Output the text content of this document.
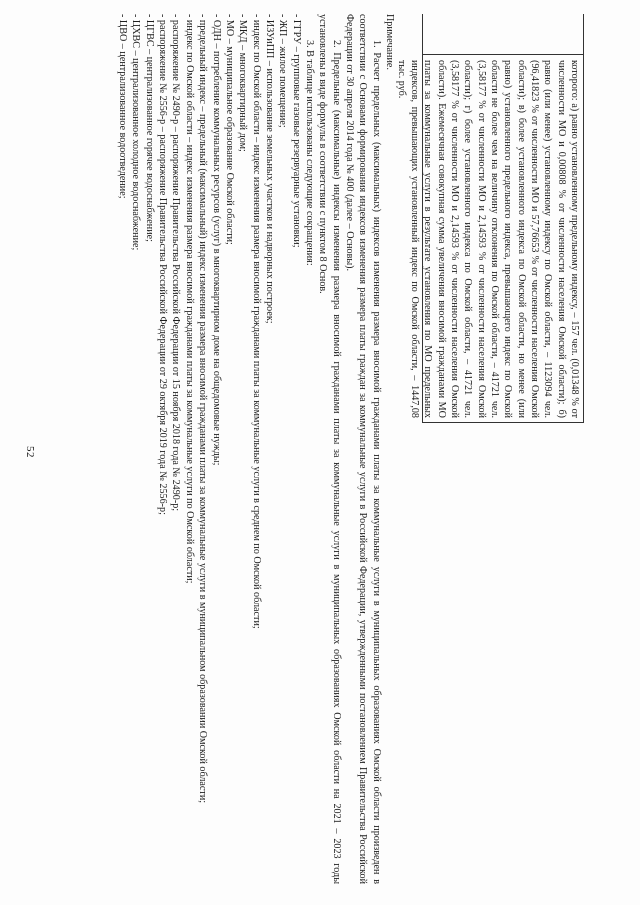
52
которого: а) равно установленному предельному индексу, – 157 чел. (0,01348 % от численности МО и 0,00808 % от численности населения Омской области); б) равно (или менее) установленному индексу по Омской области, – 1123094 чел. (96,41823 % от численности МО и 57,76653 % от численности населения Омской области); в) более установленного индекса по Омской области, но менее (или равно) установленного предельного индекса, превышающего индекс по Омской области не более чем на величину отклонения по Омской области, – 41721 чел. (3,58177 % от численности МО и 2,14593 % от численности населения Омской области); г) более установленного индекса по Омской области, – 41721 чел. (3,58177 % от численности МО и 2,14593 % от численности населения Омской области). Ежемесячная совокупная сумма увеличения вносимой гражданами МО платы за коммунальные услуги в результате установления по МО предельных индексов, превышающих установленный индекс по Омской области, – 1447,08 тыс. руб.

Примечание.

1. Расчет предельных (максимальных) индексов изменения размера вносимой гражданами платы за коммунальные услуги в муниципальных образованиях Омской области произведен в соответствии с Основами формирования индексов изменения размера платы граждан за коммунальные услуги в Российской Федерации, утвержденными постановлением Правительства Российской Федерации от 30 апреля 2014 года № 400 (далее – Основы).

2. Предельные (максимальные) индексы изменения размера вносимой гражданами платы за коммунальные услуги в муниципальных образованиях Омской области на 2021 – 2023 годы установлены в виде формулы в соответствии с пунктом 8 Основ.

3. В таблице использованы следующие сокращения:

- ГГРУ – групповые газовые резервуарные установки;

- ЖП – жилое помещение;

- ИЗУиПП – использование земельных участков и надворных построек;

- индекс по Омской области – индекс изменения размера вносимой гражданами платы за коммунальные услуги в среднем по Омской области;

- МКД – многоквартирный дом;

- МО – муниципальное образование Омской области;

- ОДН – потребление коммунальных ресурсов (услуг) в многоквартирном доме на общедомовые нужды;

- предельный индекс – предельный (максимальный) индекс изменения размера вносимой гражданами платы за коммунальные услуги в муниципальном образовании Омской области;

- индекс по Омской области – индекс изменения размера вносимой гражданами платы за коммунальные услуги по Омской области;

- распоряжение № 2490-р – распоряжение Правительства Российской Федерации от 15 ноября 2018 года № 2490-р;

- распоряжение № 2556-р – распоряжение Правительства Российской Федерации от 29 октября 2019 года № 2556-р;

- ЦГВС – централизованное горячее водоснабжение;

- ЦХВС – централизованное холодное водоснабжение;

- ЦВО – централизованное водоотведение;
